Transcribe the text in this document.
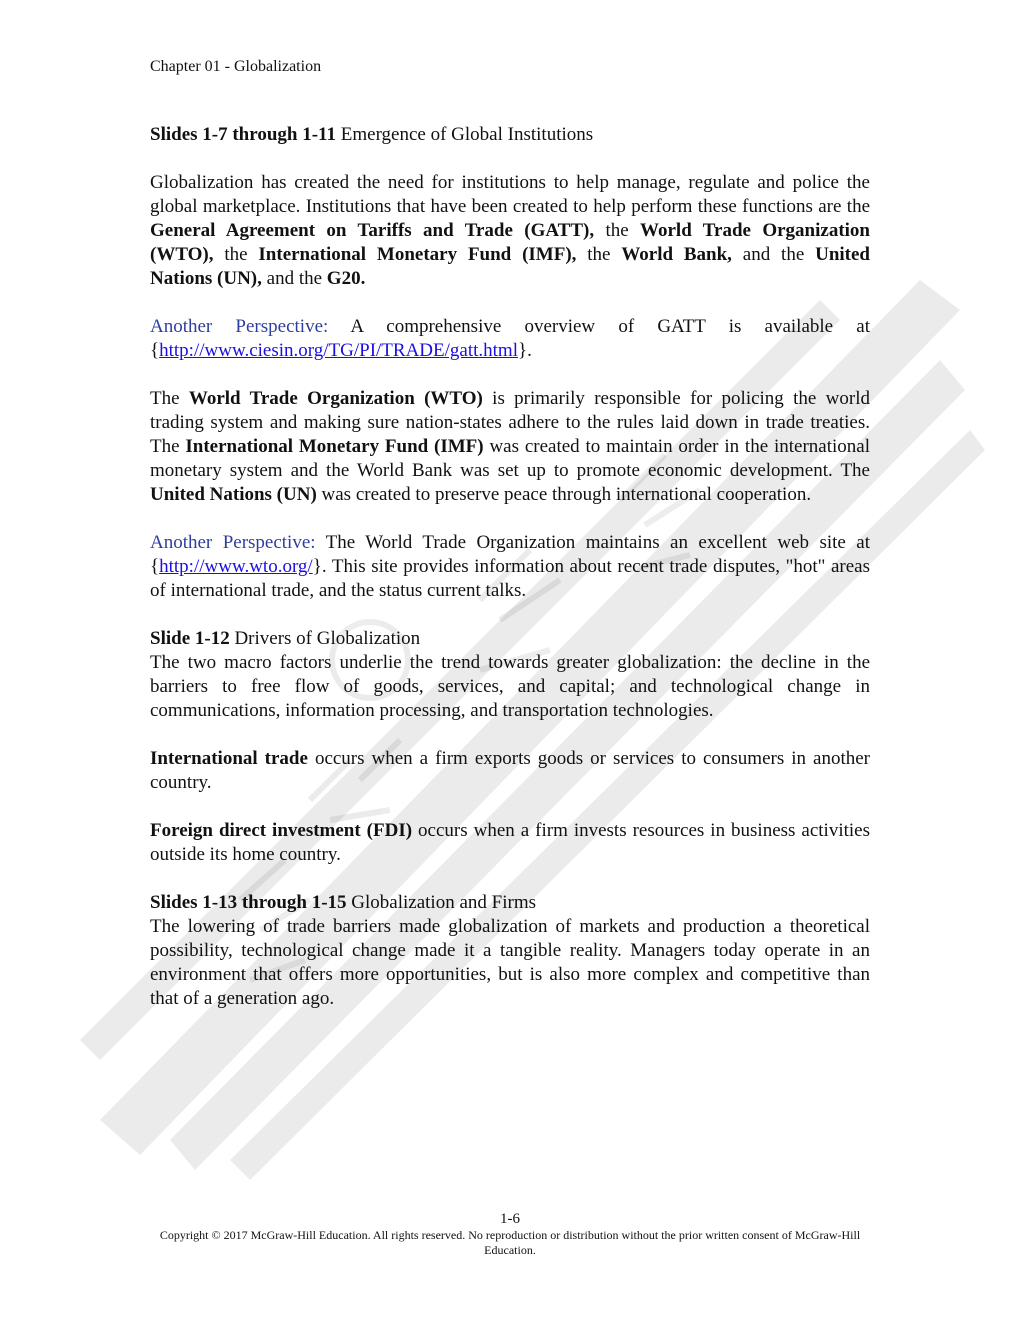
Chapter 01 - Globalization
Slides 1-7 through 1-11 Emergence of Global Institutions

Globalization has created the need for institutions to help manage, regulate and police the global marketplace. Institutions that have been created to help perform these functions are the General Agreement on Tariffs and Trade (GATT), the World Trade Organization (WTO), the International Monetary Fund (IMF), the World Bank, and the United Nations (UN), and the G20.

Another Perspective: A comprehensive overview of GATT is available at {http://www.ciesin.org/TG/PI/TRADE/gatt.html}.

The World Trade Organization (WTO) is primarily responsible for policing the world trading system and making sure nation-states adhere to the rules laid down in trade treaties. The International Monetary Fund (IMF) was created to maintain order in the international monetary system and the World Bank was set up to promote economic development. The United Nations (UN) was created to preserve peace through international cooperation.

Another Perspective: The World Trade Organization maintains an excellent web site at {http://www.wto.org/}. This site provides information about recent trade disputes, "hot" areas of international trade, and the status current talks.

Slide 1-12 Drivers of Globalization

The two macro factors underlie the trend towards greater globalization: the decline in the barriers to free flow of goods, services, and capital; and technological change in communications, information processing, and transportation technologies.

International trade occurs when a firm exports goods or services to consumers in another country.

Foreign direct investment (FDI) occurs when a firm invests resources in business activities outside its home country.

Slides 1-13 through 1-15 Globalization and Firms

The lowering of trade barriers made globalization of markets and production a theoretical possibility, technological change made it a tangible reality. Managers today operate in an environment that offers more opportunities, but is also more complex and competitive than that of a generation ago.

1-6
Copyright © 2017 McGraw-Hill Education. All rights reserved. No reproduction or distribution without the prior written consent of McGraw-Hill Education.
